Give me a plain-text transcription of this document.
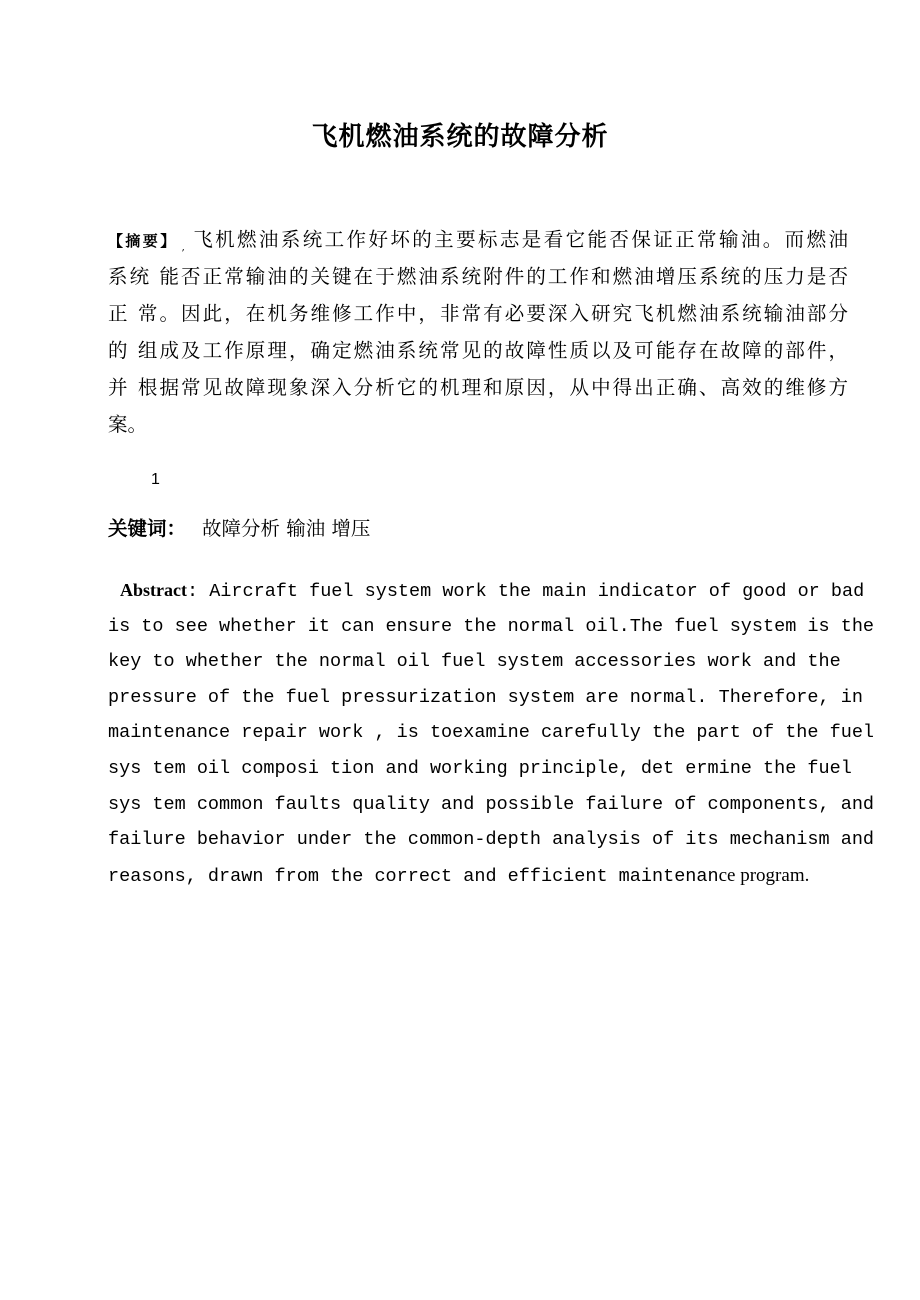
飞机燃油系统的故障分析
【摘要】 $_,$ 飞机燃油系统工作好坏的主要标志是看它能否保证正常输油。而燃油
系统 能否正常输油的关键在于燃油系统附件的工作和燃油增压系统的压力是否
正 常。因此，在机务维修工作中，非常有必要深入研究飞机燃油系统输油部分
的 组成及工作原理，确定燃油系统常见的故障性质以及可能存在故障的部件，
并 根据常见故障现象深入分析它的机理和原因，从中得出正确、高效的维修方
案。
1
关键词： 故障分析 输油 增压
Abstract: Aircraft fuel system work the main indicator of good or bad
is to see whether it can ensure the normal oil.The fuel system is the
key to whether the normal oil fuel system accessories work and the
pressure of the fuel pressurization system are normal. Therefore, in
maintenance repair work , is toexamine carefully the part of the fuel
sys tem oil composi tion and working principle, det ermine the fuel
sys tem common faults quality and possible failure of components, and
failure behavior under the common-depth analysis of its mechanism and
reasons, drawn from the correct and efficient maintenance program.
